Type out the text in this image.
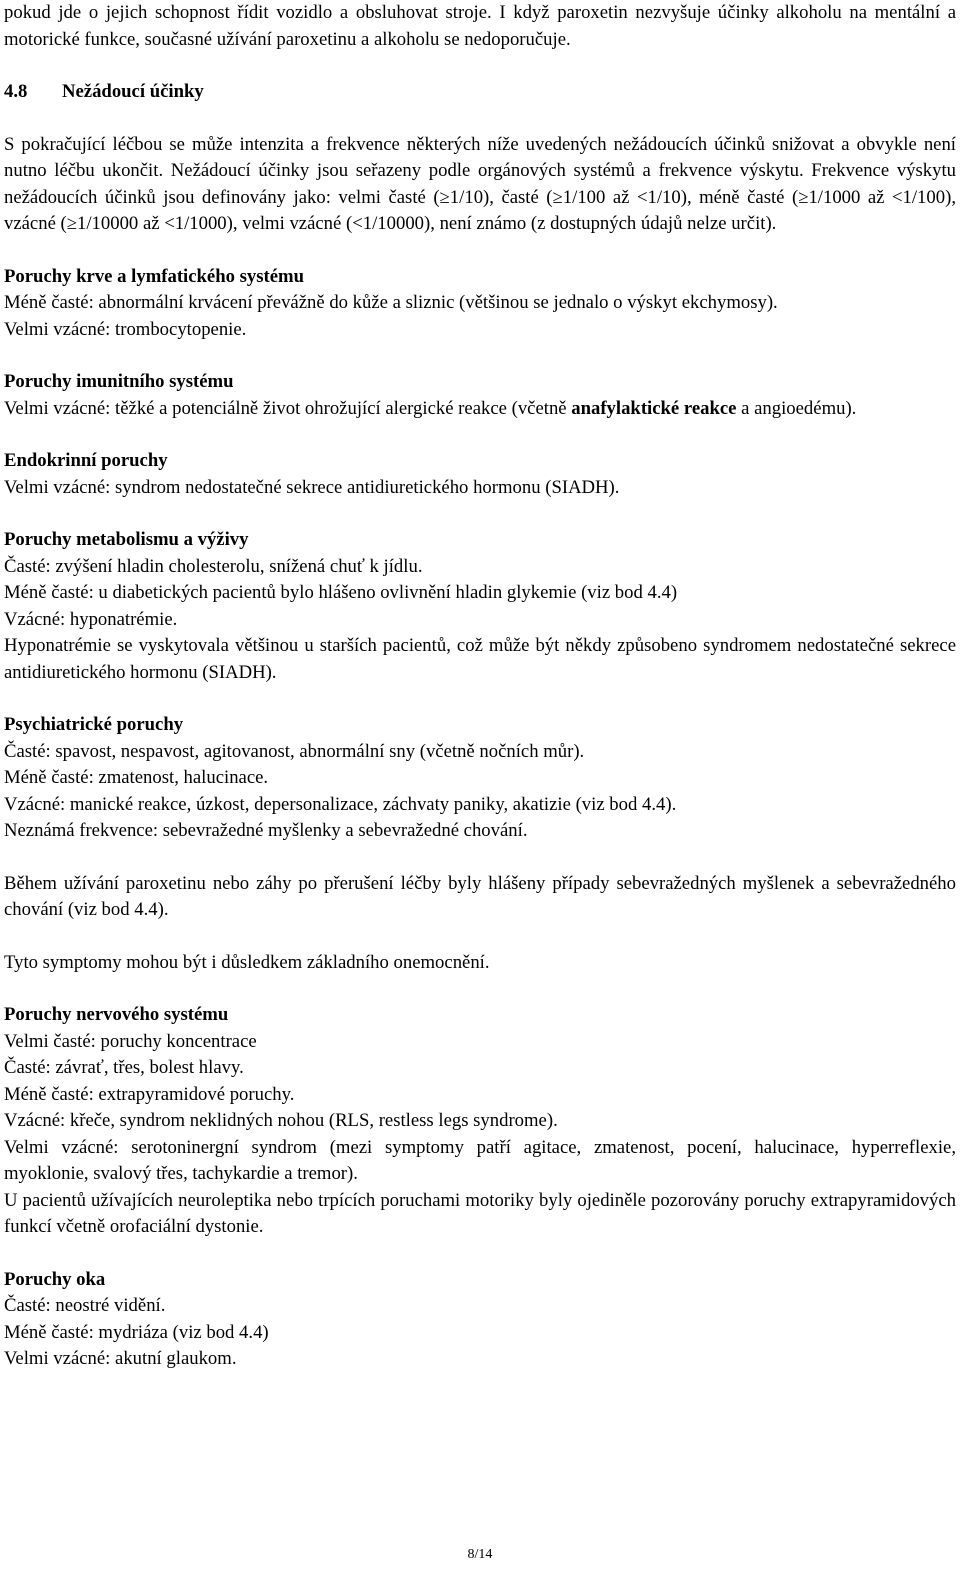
pokud jde o jejich schopnost řídit vozidlo a obsluhovat stroje. I když paroxetin nezvyšuje účinky alkoholu na mentální a motorické funkce, současné užívání paroxetinu a alkoholu se nedoporučuje.

4.8 Nežádoucí účinky

S pokračující léčbou se může intenzita a frekvence některých níže uvedených nežádoucích účinků snižovat a obvykle není nutno léčbu ukončit. Nežádoucí účinky jsou seřazeny podle orgánových systémů a frekvence výskytu. Frekvence výskytu nežádoucích účinků jsou definovány jako: velmi časté (≥1/10), časté (≥1/100 až <1/10), méně časté (≥1/1000 až <1/100), vzácné (≥1/10000 až <1/1000), velmi vzácné (<1/10000), není známo (z dostupných údajů nelze určit).

Poruchy krve a lymfatického systému

Méně časté: abnormální krvácení převážně do kůže a sliznic (většinou se jednalo o výskyt ekchymosy).

Velmi vzácné: trombocytopenie.

Poruchy imunitního systému

Velmi vzácné: těžké a potenciálně život ohrožující alergické reakce (včetně anafylaktické reakce a angioedému).

Endokrinní poruchy

Velmi vzácné: syndrom nedostatečné sekrece antidiuretického hormonu (SIADH).

Poruchy metabolismu a výživy

Časté: zvýšení hladin cholesterolu, snížená chuť k jídlu.

Méně časté: u diabetických pacientů bylo hlášeno ovlivnění hladin glykemie (viz bod 4.4)

Vzácné: hyponatrémie.

Hyponatrémie se vyskytovala většinou u starších pacientů, což může být někdy způsobeno syndromem nedostatečné sekrece antidiuretického hormonu (SIADH).

Psychiatrické poruchy

Časté: spavost, nespavost, agitovanost, abnormální sny (včetně nočních můr).

Méně časté: zmatenost, halucinace.

Vzácné: manické reakce, úzkost, depersonalizace, záchvaty paniky, akatizie (viz bod 4.4).

Neznámá frekvence: sebevražedné myšlenky a sebevražedné chování.

Během užívání paroxetinu nebo záhy po přerušení léčby byly hlášeny případy sebevražedných myšlenek a sebevražedného chování (viz bod 4.4).

Tyto symptomy mohou být i důsledkem základního onemocnění.

Poruchy nervového systému

Velmi časté: poruchy koncentrace

Časté: závrať, třes, bolest hlavy.

Méně časté: extrapyramidové poruchy.

Vzácné: křeče, syndrom neklidných nohou (RLS, restless legs syndrome).

Velmi vzácné: serotoninergní syndrom (mezi symptomy patří agitace, zmatenost, pocení, halucinace, hyperreflexie, myoklonie, svalový třes, tachykardie a tremor).

U pacientů užívajících neuroleptika nebo trpících poruchami motoriky byly ojediněle pozorovány poruchy extrapyramidových funkcí včetně orofaciální dystonie.

Poruchy oka

Časté: neostré vidění.

Méně časté: mydriáza (viz bod 4.4)

Velmi vzácné: akutní glaukom.

8/14
